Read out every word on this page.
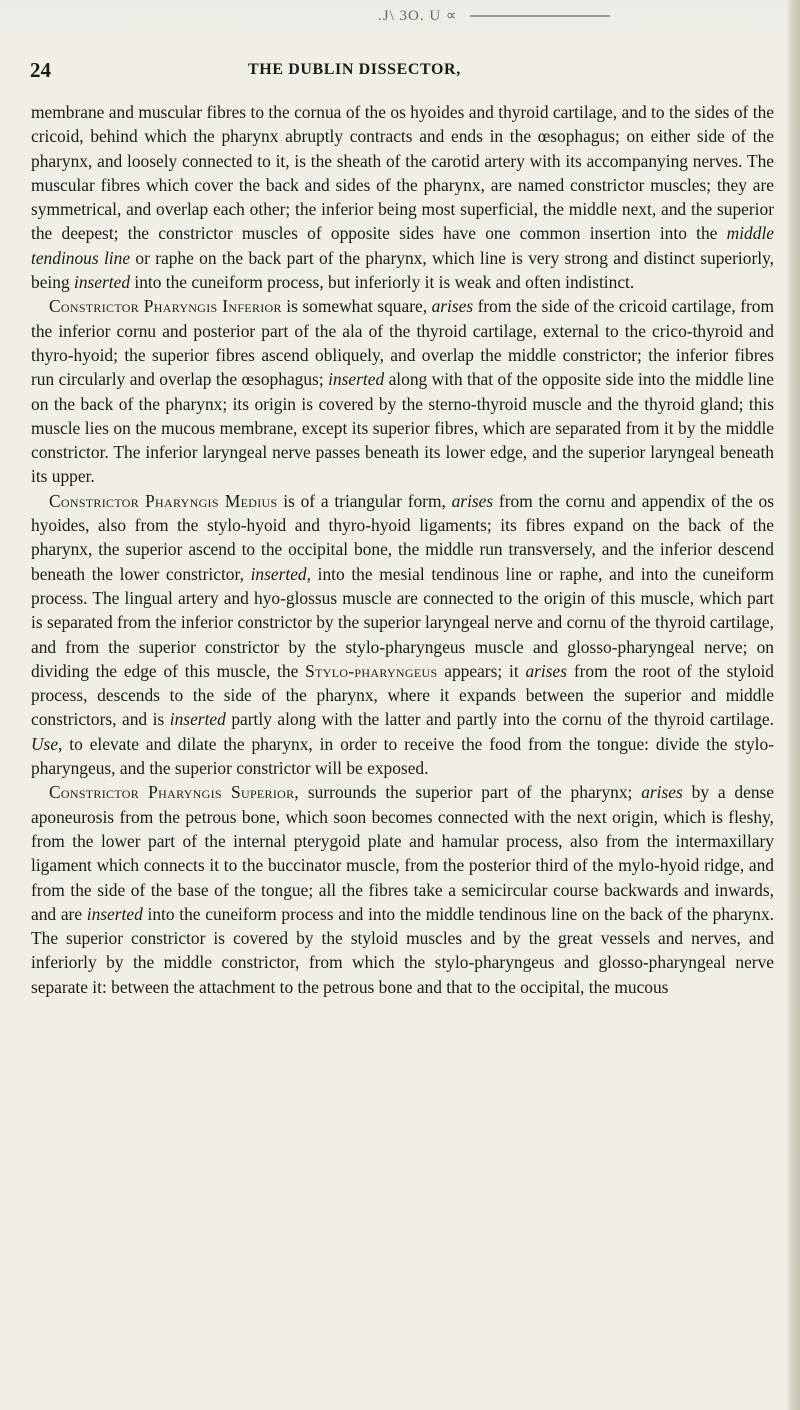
.J\ 3O. U ∝
24	THE DUBLIN DISSECTOR,

membrane and muscular fibres to the cornua of the os hyoides and thyroid cartilage, and to the sides of the cricoid, behind which the pharynx abruptly contracts and ends in the œsophagus; on either side of the pharynx, and loosely connected to it, is the sheath of the carotid artery with its accompanying nerves. The muscular fibres which cover the back and sides of the pharynx, are named constrictor muscles; they are symmetrical, and overlap each other; the inferior being most superficial, the middle next, and the superior the deepest; the constrictor muscles of opposite sides have one common insertion into the middle tendinous line or raphe on the back part of the pharynx, which line is very strong and distinct superiorly, being inserted into the cuneiform process, but inferiorly it is weak and often indistinct.

Constrictor Pharyngis Inferior is somewhat square, arises from the side of the cricoid cartilage, from the inferior cornu and posterior part of the ala of the thyroid cartilage, external to the crico-thyroid and thyro-hyoid; the superior fibres ascend obliquely, and overlap the middle constrictor; the inferior fibres run circularly and overlap the œsophagus; inserted along with that of the opposite side into the middle line on the back of the pharynx; its origin is covered by the sterno-thyroid muscle and the thyroid gland; this muscle lies on the mucous membrane, except its superior fibres, which are separated from it by the middle constrictor. The inferior laryngeal nerve passes beneath its lower edge, and the superior laryngeal beneath its upper.

Constrictor Pharyngis Medius is of a triangular form, arises from the cornu and appendix of the os hyoides, also from the stylo-hyoid and thyro-hyoid ligaments; its fibres expand on the back of the pharynx, the superior ascend to the occipital bone, the middle run transversely, and the inferior descend beneath the lower constrictor, inserted, into the mesial tendinous line or raphe, and into the cuneiform process. The lingual artery and hyo-glossus muscle are connected to the origin of this muscle, which part is separated from the inferior constrictor by the superior laryngeal nerve and cornu of the thyroid cartilage, and from the superior constrictor by the stylo-pharyngeus muscle and glosso-pharyngeal nerve; on dividing the edge of this muscle, the Stylo-pharyngeus appears; it arises from the root of the styloid process, descends to the side of the pharynx, where it expands between the superior and middle constrictors, and is inserted partly along with the latter and partly into the cornu of the thyroid cartilage. Use, to elevate and dilate the pharynx, in order to receive the food from the tongue: divide the stylo-pharyngeus, and the superior constrictor will be exposed.

Constrictor Pharyngis Superior, surrounds the superior part of the pharynx; arises by a dense aponeurosis from the petrous bone, which soon becomes connected with the next origin, which is fleshy, from the lower part of the internal pterygoid plate and hamular process, also from the intermaxillary ligament which connects it to the buccinator muscle, from the posterior third of the mylo-hyoid ridge, and from the side of the base of the tongue; all the fibres take a semicircular course backwards and inwards, and are inserted into the cuneiform process and into the middle tendinous line on the back of the pharynx. The superior constrictor is covered by the styloid muscles and by the great vessels and nerves, and inferiorly by the middle constrictor, from which the stylo-pharyngeus and glosso-pharyngeal nerve separate it: between the attachment to the petrous bone and that to the occipital, the mucous
